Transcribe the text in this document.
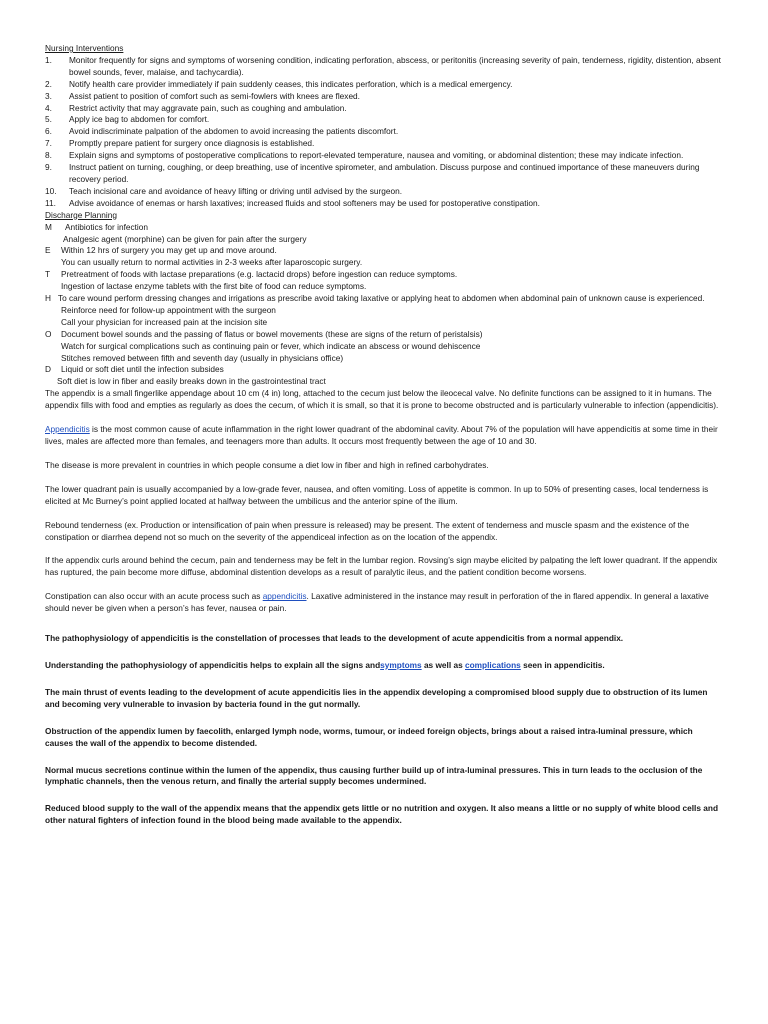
Nursing Interventions
1.	Monitor frequently for signs and symptoms of worsening condition, indicating perforation, abscess, or peritonitis (increasing severity of pain, tenderness, rigidity, distention, absent bowel sounds, fever, malaise, and tachycardia).
2.	Notify health care provider immediately if pain suddenly ceases, this indicates perforation, which is a medical emergency.
3.	Assist patient to position of comfort such as semi-fowlers with knees are flexed.
4.	Restrict activity that may aggravate pain, such as coughing and ambulation.
5.	Apply ice bag to abdomen for comfort.
6.	Avoid indiscriminate palpation of the abdomen to avoid increasing the patients discomfort.
7.	Promptly prepare patient for surgery once diagnosis is established.
8.	Explain signs and symptoms of postoperative complications to report-elevated temperature, nausea and vomiting, or abdominal distention; these may indicate infection.
9.	Instruct patient on turning, coughing, or deep breathing, use of incentive spirometer, and ambulation. Discuss purpose and continued importance of these maneuvers during recovery period.
10.	Teach incisional care and avoidance of heavy lifting or driving until advised by the surgeon.
11.	Advise avoidance of enemas or harsh laxatives; increased fluids and stool softeners may be used for postoperative constipation.
Discharge Planning
M	Antibiotics for infection
Analgesic agent (morphine) can be given for pain after the surgery
E	Within 12 hrs of surgery you may get up and move around.
You can usually return to normal activities in 2-3 weeks after laparoscopic surgery.
T	Pretreatment of foods with lactase preparations (e.g. lactacid drops) before ingestion can reduce symptoms.
Ingestion of lactase enzyme tablets with the first bite of food can reduce symptoms.
H To care wound perform dressing changes and irrigations as prescribe avoid taking laxative or applying heat to abdomen when abdominal pain of unknown cause is experienced.
Reinforce need for follow-up appointment with the surgeon
Call your physician for increased pain at the incision site
O	Document bowel sounds and the passing of flatus or bowel movements (these are signs of the return of peristalsis)
Watch for surgical complications such as continuing pain or fever, which indicate an abscess or wound dehiscence
Stitches removed between fifth and seventh day (usually in physicians office)
D	Liquid or soft diet until the infection subsides
Soft diet is low in fiber and easily breaks down in the gastrointestinal tract

The appendix is a small fingerlike appendage about 10 cm (4 in) long, attached to the cecum just below the ileocecal valve. No definite functions can be assigned to it in humans. The appendix fills with food and empties as regularly as does the cecum, of which it is small, so that it is prone to become obstructed and is particularly vulnerable to infection (appendicitis).

Appendicitis is the most common cause of acute inflammation in the right lower quadrant of the abdominal cavity. About 7% of the population will have appendicitis at some time in their lives, males are affected more than females, and teenagers more than adults. It occurs most frequently between the age of 10 and 30.

The disease is more prevalent in countries in which people consume a diet low in fiber and high in refined carbohydrates.

The lower quadrant pain is usually accompanied by a low-grade fever, nausea, and often vomiting. Loss of appetite is common. In up to 50% of presenting cases, local tenderness is elicited at Mc Burney’s point applied located at halfway between the umbilicus and the anterior spine of the ilium.

Rebound tenderness (ex. Production or intensification of pain when pressure is released) may be present. The extent of tenderness and muscle spasm and the existence of the constipation or diarrhea depend not so much on the severity of the appendiceal infection as on the location of the appendix.

If the appendix curls around behind the cecum, pain and tenderness may be felt in the lumbar region. Rovsing’s sign maybe elicited by palpating the left lower quadrant. If the appendix has ruptured, the pain become more diffuse, abdominal distention develops as a result of paralytic ileus, and the patient condition become worsens.

Constipation can also occur with an acute process such as appendicitis. Laxative administered in the instance may result in perforation of the in flared appendix. In general a laxative should never be given when a person’s has fever, nausea or pain.

The pathophysiology of appendicitis is the constellation of processes that leads to the development of acute appendicitis from a normal appendix.

Understanding the pathophysiology of appendicitis helps to explain all the signs andsymptoms as well as complications seen in appendicitis.

The main thrust of events leading to the development of acute appendicitis lies in the appendix developing a compromised blood supply due to obstruction of its lumen and becoming very vulnerable to invasion by bacteria found in the gut normally.

Obstruction of the appendix lumen by faecolith, enlarged lymph node, worms, tumour, or indeed foreign objects, brings about a raised intra-luminal pressure, which causes the wall of the appendix to become distended.

Normal mucus secretions continue within the lumen of the appendix, thus causing further build up of intra-luminal pressures. This in turn leads to the occlusion of the lymphatic channels, then the venous return, and finally the arterial supply becomes undermined.

Reduced blood supply to the wall of the appendix means that the appendix gets little or no nutrition and oxygen. It also means a little or no supply of white blood cells and other natural fighters of infection found in the blood being made available to the appendix.
